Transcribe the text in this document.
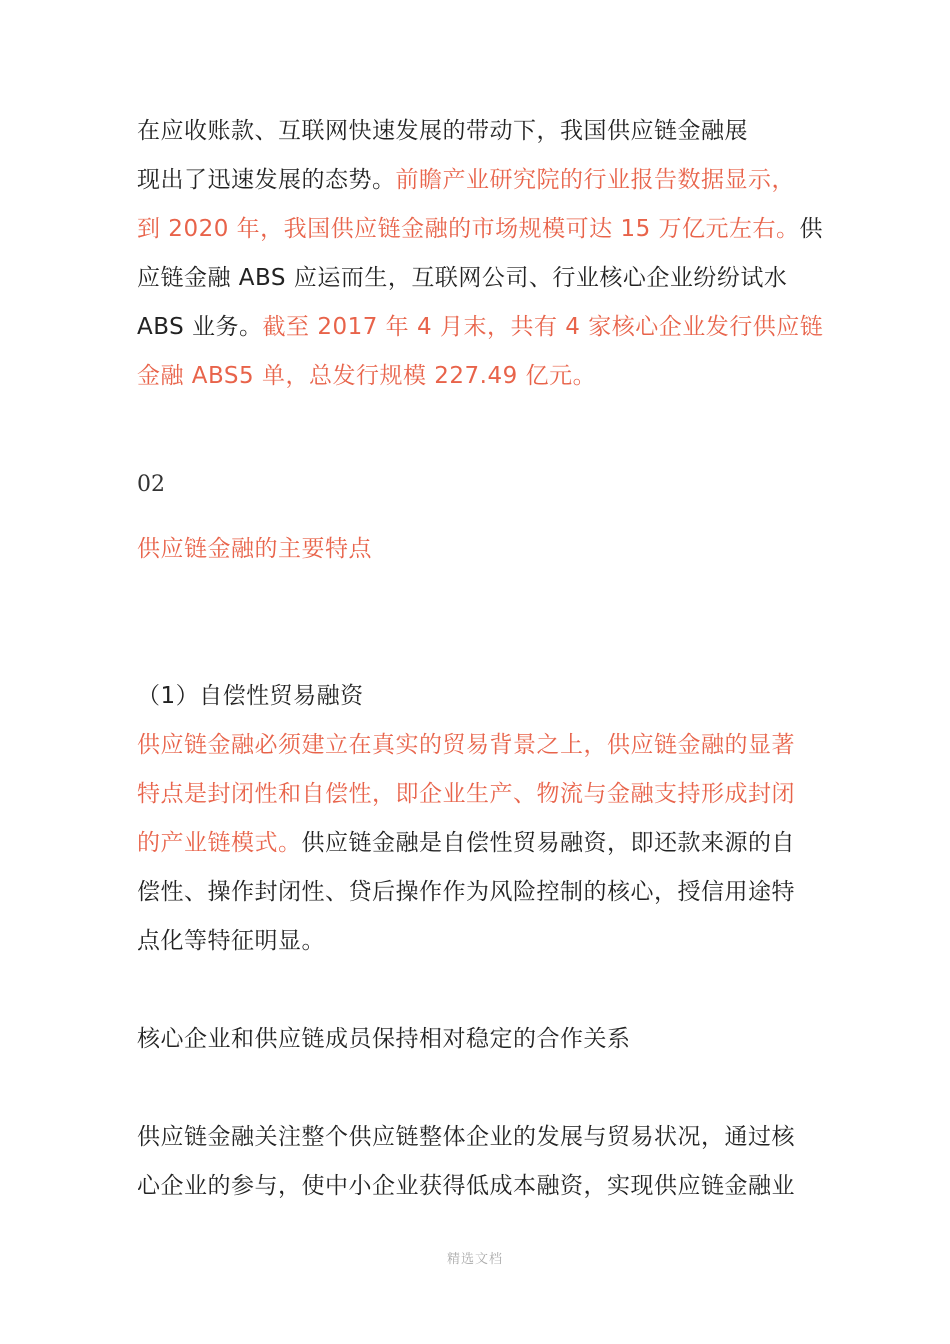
在应收账款、互联网快速发展的带动下，我国供应链金融展
现出了迅速发展的态势。前瞻产业研究院的行业报告数据显示，
到 2020 年，我国供应链金融的市场规模可达 15 万亿元左右。供
应链金融 ABS 应运而生，互联网公司、行业核心企业纷纷试水
ABS 业务。截至 2017 年 4 月末，共有 4 家核心企业发行供应链
金融 ABS5 单，总发行规模 227.49 亿元。
02
供应链金融的主要特点
（1）自偿性贸易融资
供应链金融必须建立在真实的贸易背景之上，供应链金融的显著
特点是封闭性和自偿性，即企业生产、物流与金融支持形成封闭
的产业链模式。供应链金融是自偿性贸易融资，即还款来源的自
偿性、操作封闭性、贷后操作作为风险控制的核心，授信用途特
点化等特征明显。
核心企业和供应链成员保持相对稳定的合作关系
供应链金融关注整个供应链整体企业的发展与贸易状况，通过核
心企业的参与，使中小企业获得低成本融资，实现供应链金融业
精选文档
